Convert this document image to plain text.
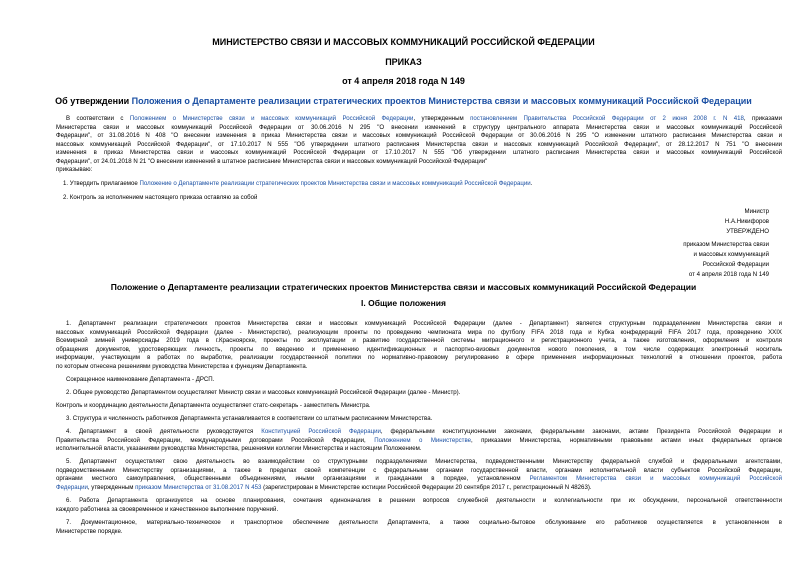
МИНИСТЕРСТВО СВЯЗИ И МАССОВЫХ КОММУНИКАЦИЙ РОССИЙСКОЙ ФЕДЕРАЦИИ
ПРИКАЗ
от 4 апреля 2018 года N 149
Об утверждении Положения о Департаменте реализации стратегических проектов Министерства связи и массовых коммуникаций Российской Федерации
В соответствии с Положением о Министерстве связи и массовых коммуникаций Российской Федерации, утвержденным постановлением Правительства Российской Федерации от 2 июня 2008 г. N 418, приказами
Министерства связи и массовых коммуникаций Российской Федерации от 30.06.2016 N 295 "О внесении изменений в структуру центрального аппарата Министерства связи и массовых коммуникаций Российской
Федерации", от 31.08.2016 N 408 "О внесении изменения в приказ Министерства связи и массовых коммуникаций Российской Федерации от 30.06.2016 N 295 "О изменении штатного расписания Министерства связи и
массовых коммуникаций Российской Федерации", от 17.10.2017 N 555 "Об утверждении штатного расписания Министерства связи и массовых коммуникаций Российской Федерации", от 28.12.2017 N 751 "О внесении
изменения в приказ Министерства связи и массовых коммуникаций Российской Федерации от 17.10.2017 N 555 "Об утверждении штатного расписания Министерства связи и массовых коммуникаций Российской
Федерации", от 24.01.2018 N 21 "О внесении изменений в штатное расписание Министерства связи и массовых коммуникаций Российской Федерации"
приказываю:
1. Утвердить прилагаемое Положение о Департаменте реализации стратегических проектов Министерства связи и массовых коммуникаций Российской Федерации.
2. Контроль за исполнением настоящего приказа оставляю за собой
Министр
Н.А.Никифоров
УТВЕРЖДЕНО
приказом Министерства связи
и массовых коммуникаций
Российской Федерации
от 4 апреля 2018 года N 149
Положение о Департаменте реализации стратегических проектов Министерства связи и массовых коммуникаций Российской Федерации
I. Общие положения
1. Департамент реализации стратегических проектов Министерства связи и массовых коммуникаций Российской Федерации (далее - Департамент) является структурным подразделением Министерства связи и
массовых коммуникаций Российской Федерации (далее - Министерство), реализующим проекты по проведению чемпионата мира по футболу FIFA 2018 года и Кубка конфедераций FIFA 2017 года, проведению XXIX
Всемирной зимней универсиады 2019 года в г.Красноярске, проекты по эксплуатации и развитию государственной системы миграционного и регистрационного учета, а также изготовления, оформления и контроля
обращения документов, удостоверяющих личность, проекты по введению и применению идентификационных и паспортно-визовых документов нового поколения, в том числе содержащих электронный носитель
информации, участвующим в работах по выработке, реализации государственной политики по нормативно-правовому регулированию в сфере применения информационных технологий в отношении проектов, работа
по которым отнесена решениями руководства Министерства к функциям Департамента.
Сокращенное наименование Департамента - ДРСП.
2. Общее руководство Департаментом осуществляет Министр связи и массовых коммуникаций Российской Федерации (далее - Министр).
Контроль и координацию деятельности Департамента осуществляет статс-секретарь - заместитель Министра.
3. Структура и численность работников Департамента устанавливается в соответствии со штатным расписанием Министерства.
4. Департамент в своей деятельности руководствуется Конституцией Российской Федерации, федеральными конституционными законами, федеральными законами, актами Президента Российской Федерации и
Правительства Российской Федерации, международными договорами Российской Федерации, Положением о Министерстве, приказами Министерства, нормативными правовыми актами иных федеральных органов
исполнительной власти, указаниями руководства Министерства, решениями коллегии Министерства и настоящим Положением.
5. Департамент осуществляет свою деятельность во взаимодействии со структурными подразделениями Министерства, подведомственными Министерству федеральной службой и федеральными агентствами,
подведомственными Министерству организациями, а также в пределах своей компетенции с федеральными органами государственной власти, органами исполнительной власти субъектов Российской Федерации,
органами местного самоуправления, общественными объединениями, иными организациями и гражданами в порядке, установленном Регламентом Министерства связи и массовых коммуникаций Российской
Федерации, утвержденным приказом Министерства от 31.08.2017 N 453 (зарегистрирован в Министерстве юстиции Российской Федерации 20 сентября 2017 г., регистрационный N 48263).
6. Работа Департамента организуется на основе планирования, сочетания единоначалия в решении вопросов служебной деятельности и коллегиальности при их обсуждении, персональной ответственности
каждого работника за своевременное и качественное выполнение поручений.
7. Документационное, материально-техническое и транспортное обеспечение деятельности Департамента, а также социально-бытовое обслуживание его работников осуществляется в установленном в
Министерстве порядке.
